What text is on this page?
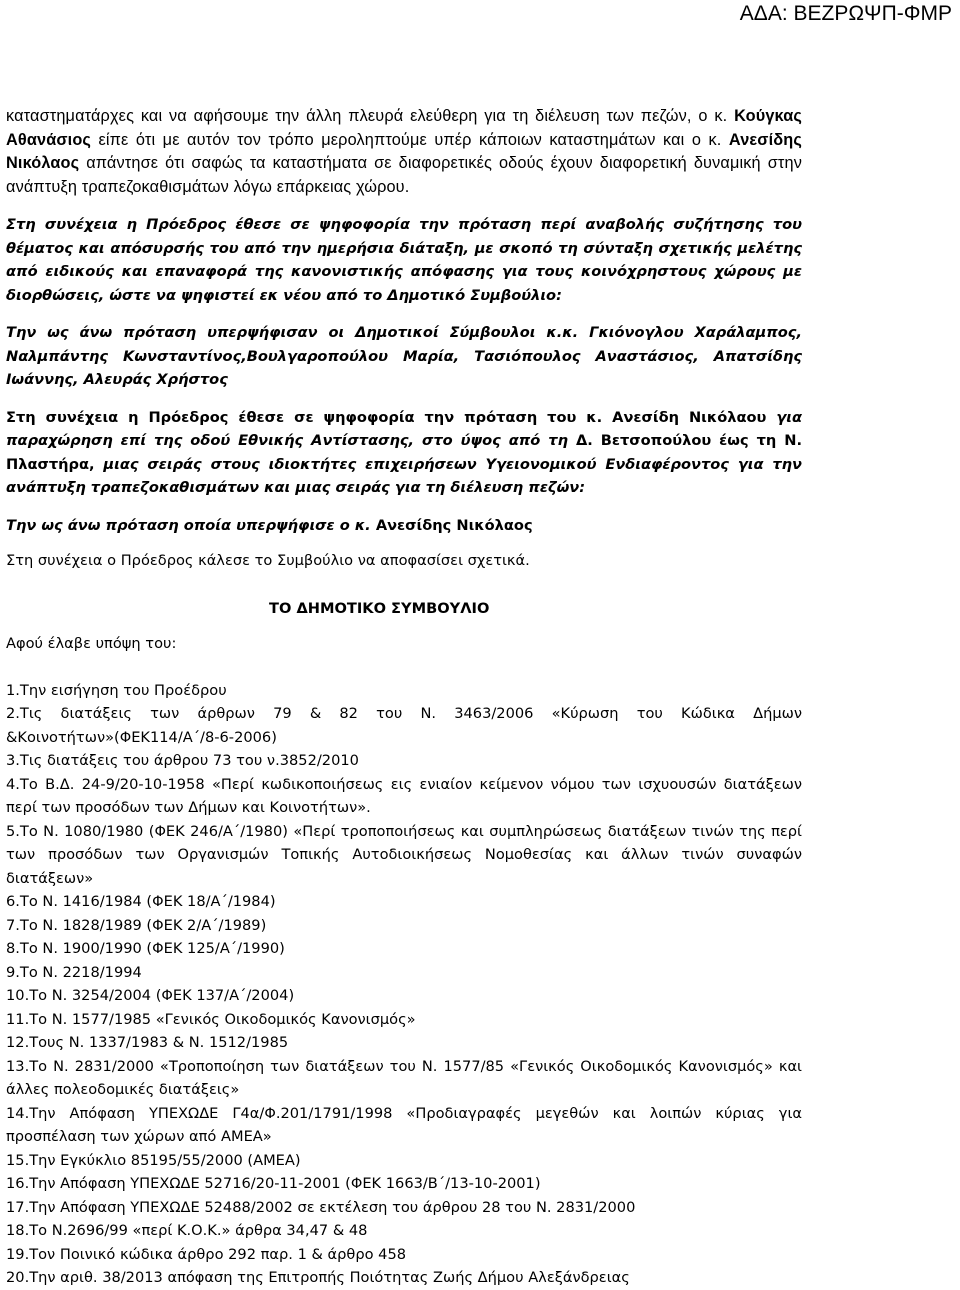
ΑΔΑ: ΒΕΖΡΩΨΠ-ΦΜΡ

καταστηματάρχες και να αφήσουμε την άλλη πλευρά ελεύθερη για τη διέλευση των πεζών, ο κ. Κούγκας Αθανάσιος είπε ότι με αυτόν τον τρόπο μεροληπτούμε υπέρ κάποιων καταστημάτων και ο κ. Ανεσίδης Νικόλαος απάντησε ότι σαφώς τα καταστήματα σε διαφορετικές οδούς έχουν διαφορετική δυναμική στην ανάπτυξη τραπεζοκαθισμάτων λόγω επάρκειας χώρου.

Στη συνέχεια η Πρόεδρος έθεσε σε ψηφοφορία την πρόταση περί αναβολής συζήτησης του θέματος και απόσυρσής του από την ημερήσια διάταξη, με σκοπό τη σύνταξη σχετικής μελέτης από ειδικούς και επαναφορά της κανονιστικής απόφασης για τους κοινόχρηστους χώρους με διορθώσεις, ώστε να ψηφιστεί εκ νέου από το Δημοτικό Συμβούλιο:

Την ως άνω πρόταση υπερψήφισαν οι Δημοτικοί Σύμβουλοι κ.κ. Γκιόνογλου Χαράλαμπος, Ναλμπάντης Κωνσταντίνος,Βουλγαροπούλου Μαρία, Τασιόπουλος Αναστάσιος, Απατσίδης Ιωάννης, Αλευράς Χρήστος

Στη συνέχεια η Πρόεδρος έθεσε σε ψηφοφορία την πρόταση του κ. Ανεσίδη Νικόλαου για παραχώρηση επί της οδού Εθνικής Αντίστασης, στο ύψος από τη Δ. Βετσοπούλου έως τη Ν. Πλαστήρα, μιας σειράς στους ιδιοκτήτες επιχειρήσεων Υγειονομικού Ενδιαφέροντος για την ανάπτυξη τραπεζοκαθισμάτων και μιας σειράς για τη διέλευση πεζών:

Την ως άνω πρόταση οποία υπερψήφισε ο κ. Ανεσίδης Νικόλαος

Στη συνέχεια ο Πρόεδρος κάλεσε το Συμβούλιο να αποφασίσει σχετικά.

ΤΟ ΔΗΜΟΤΙΚΟ ΣΥΜΒΟΥΛΙΟ
Αφού έλαβε υπόψη του:
1.Την εισήγηση του Προέδρου
2.Τις διατάξεις των άρθρων 79 & 82 του Ν. 3463/2006 «Κύρωση του Κώδικα Δήμων &Κοινοτήτων»(ΦΕΚ114/Α΄/8-6-2006)
3.Τις διατάξεις του άρθρου 73 του ν.3852/2010
4.Το Β.Δ. 24-9/20-10-1958 «Περί κωδικοποιήσεως εις ενιαίον κείμενον νόμου των ισχυουσών διατάξεων περί των προσόδων των Δήμων και Κοινοτήτων».
5.Το Ν. 1080/1980 (ΦΕΚ 246/Α΄/1980) «Περί τροποποιήσεως και συμπληρώσεως διατάξεων τινών της περί των προσόδων των Οργανισμών Τοπικής Αυτοδιοικήσεως Νομοθεσίας και άλλων τινών συναφών διατάξεων»
6.Το Ν. 1416/1984 (ΦΕΚ 18/Α΄/1984)
7.Το Ν. 1828/1989 (ΦΕΚ 2/Α΄/1989)
8.Το Ν. 1900/1990 (ΦΕΚ 125/Α΄/1990)
9.Το Ν. 2218/1994
10.Το Ν. 3254/2004 (ΦΕΚ 137/Α΄/2004)
11.Το Ν. 1577/1985 «Γενικός Οικοδομικός Κανονισμός»
12.Τους Ν. 1337/1983 & Ν. 1512/1985
13.Το Ν. 2831/2000 «Τροποποίηση των διατάξεων του Ν. 1577/85 «Γενικός Οικοδομικός Κανονισμός» και άλλες πολεοδομικές διατάξεις»
14.Την Απόφαση ΥΠΕΧΩΔΕ Γ4α/Φ.201/1791/1998 «Προδιαγραφές μεγεθών και λοιπών κύριας για προσπέλαση των χώρων από ΑΜΕΑ»
15.Την Εγκύκλιο 85195/55/2000 (ΑΜΕΑ)
16.Την Απόφαση ΥΠΕΧΩΔΕ 52716/20-11-2001 (ΦΕΚ 1663/Β΄/13-10-2001)
17.Την Απόφαση ΥΠΕΧΩΔΕ 52488/2002 σε εκτέλεση του άρθρου 28 του Ν. 2831/2000
18.Το Ν.2696/99 «περί Κ.Ο.Κ.» άρθρα 34,47 & 48
19.Τον Ποινικό κώδικα άρθρο 292 παρ. 1 & άρθρο 458
20.Την αριθ. 38/2013 απόφαση της Επιτροπής Ποιότητας Ζωής Δήμου Αλεξάνδρειας
